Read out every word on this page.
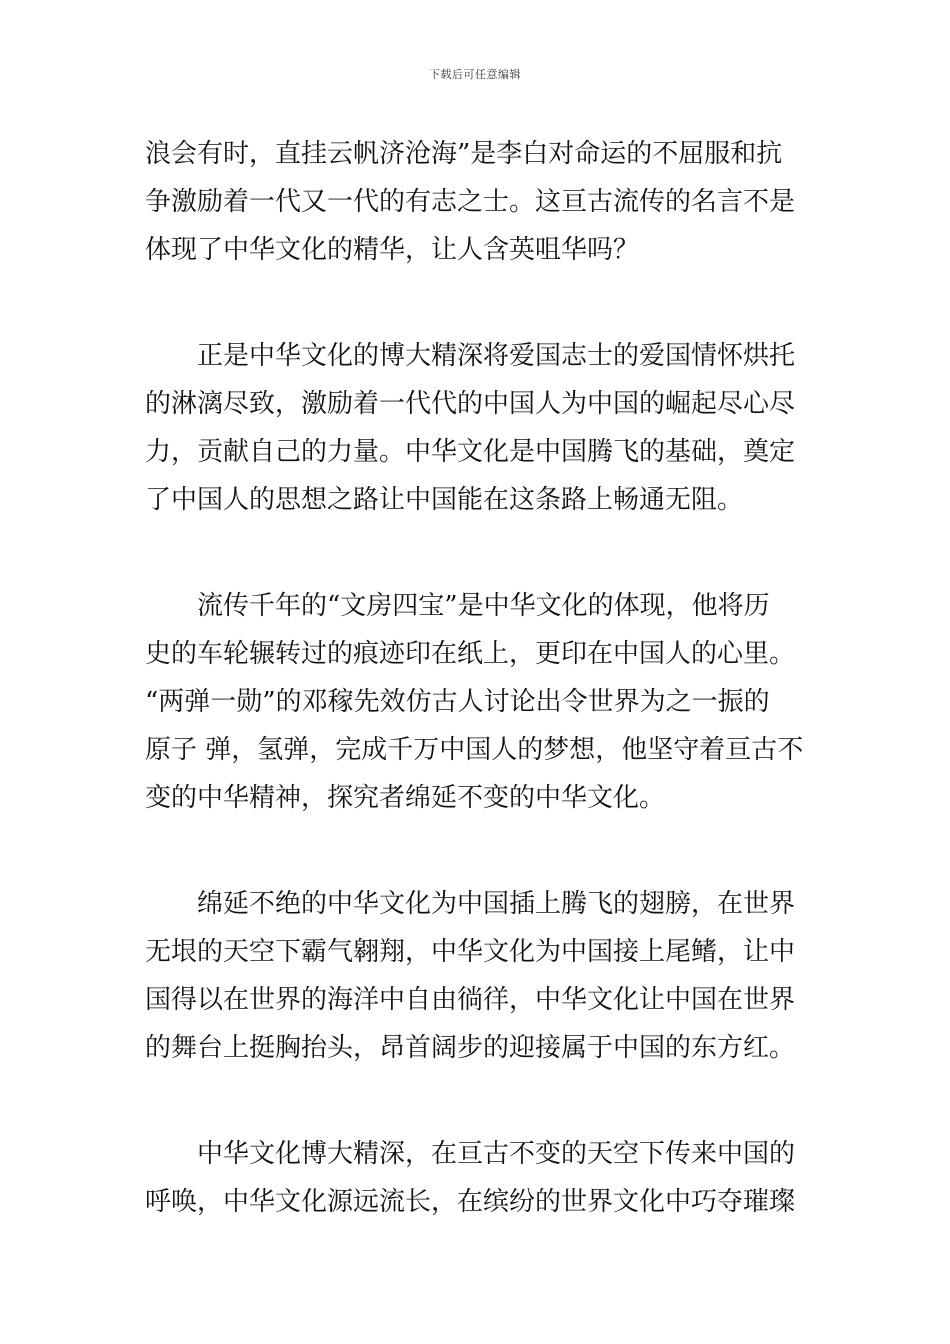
下载后可任意编辑

浪会有时，直挂云帆济沧海”是李白对命运的不屈服和抗
争激励着一代又一代的有志之士。这亘古流传的名言不是
体现了中华文化的精华，让人含英咀华吗？

正是中华文化的博大精深将爱国志士的爱国情怀烘托
的淋漓尽致，激励着一代代的中国人为中国的崛起尽心尽
力，贡献自己的力量。中华文化是中国腾飞的基础，奠定
了中国人的思想之路让中国能在这条路上畅通无阻。

流传千年的“文房四宝”是中华文化的体现，他将历
史的车轮辗转过的痕迹印在纸上，更印在中国人的心里。
“两弹一勋”的邓稼先效仿古人讨论出令世界为之一振的
原子 弹，氢弹，完成千万中国人的梦想，他坚守着亘古不
变的中华精神，探究者绵延不变的中华文化。

绵延不绝的中华文化为中国插上腾飞的翅膀，在世界
无垠的天空下霸气翱翔，中华文化为中国接上尾鳍，让中
国得以在世界的海洋中自由徜徉，中华文化让中国在世界
的舞台上挺胸抬头，昂首阔步的迎接属于中国的东方红。

中华文化博大精深，在亘古不变的天空下传来中国的
呼唤，中华文化源远流长，在缤纷的世界文化中巧夺璀璨
